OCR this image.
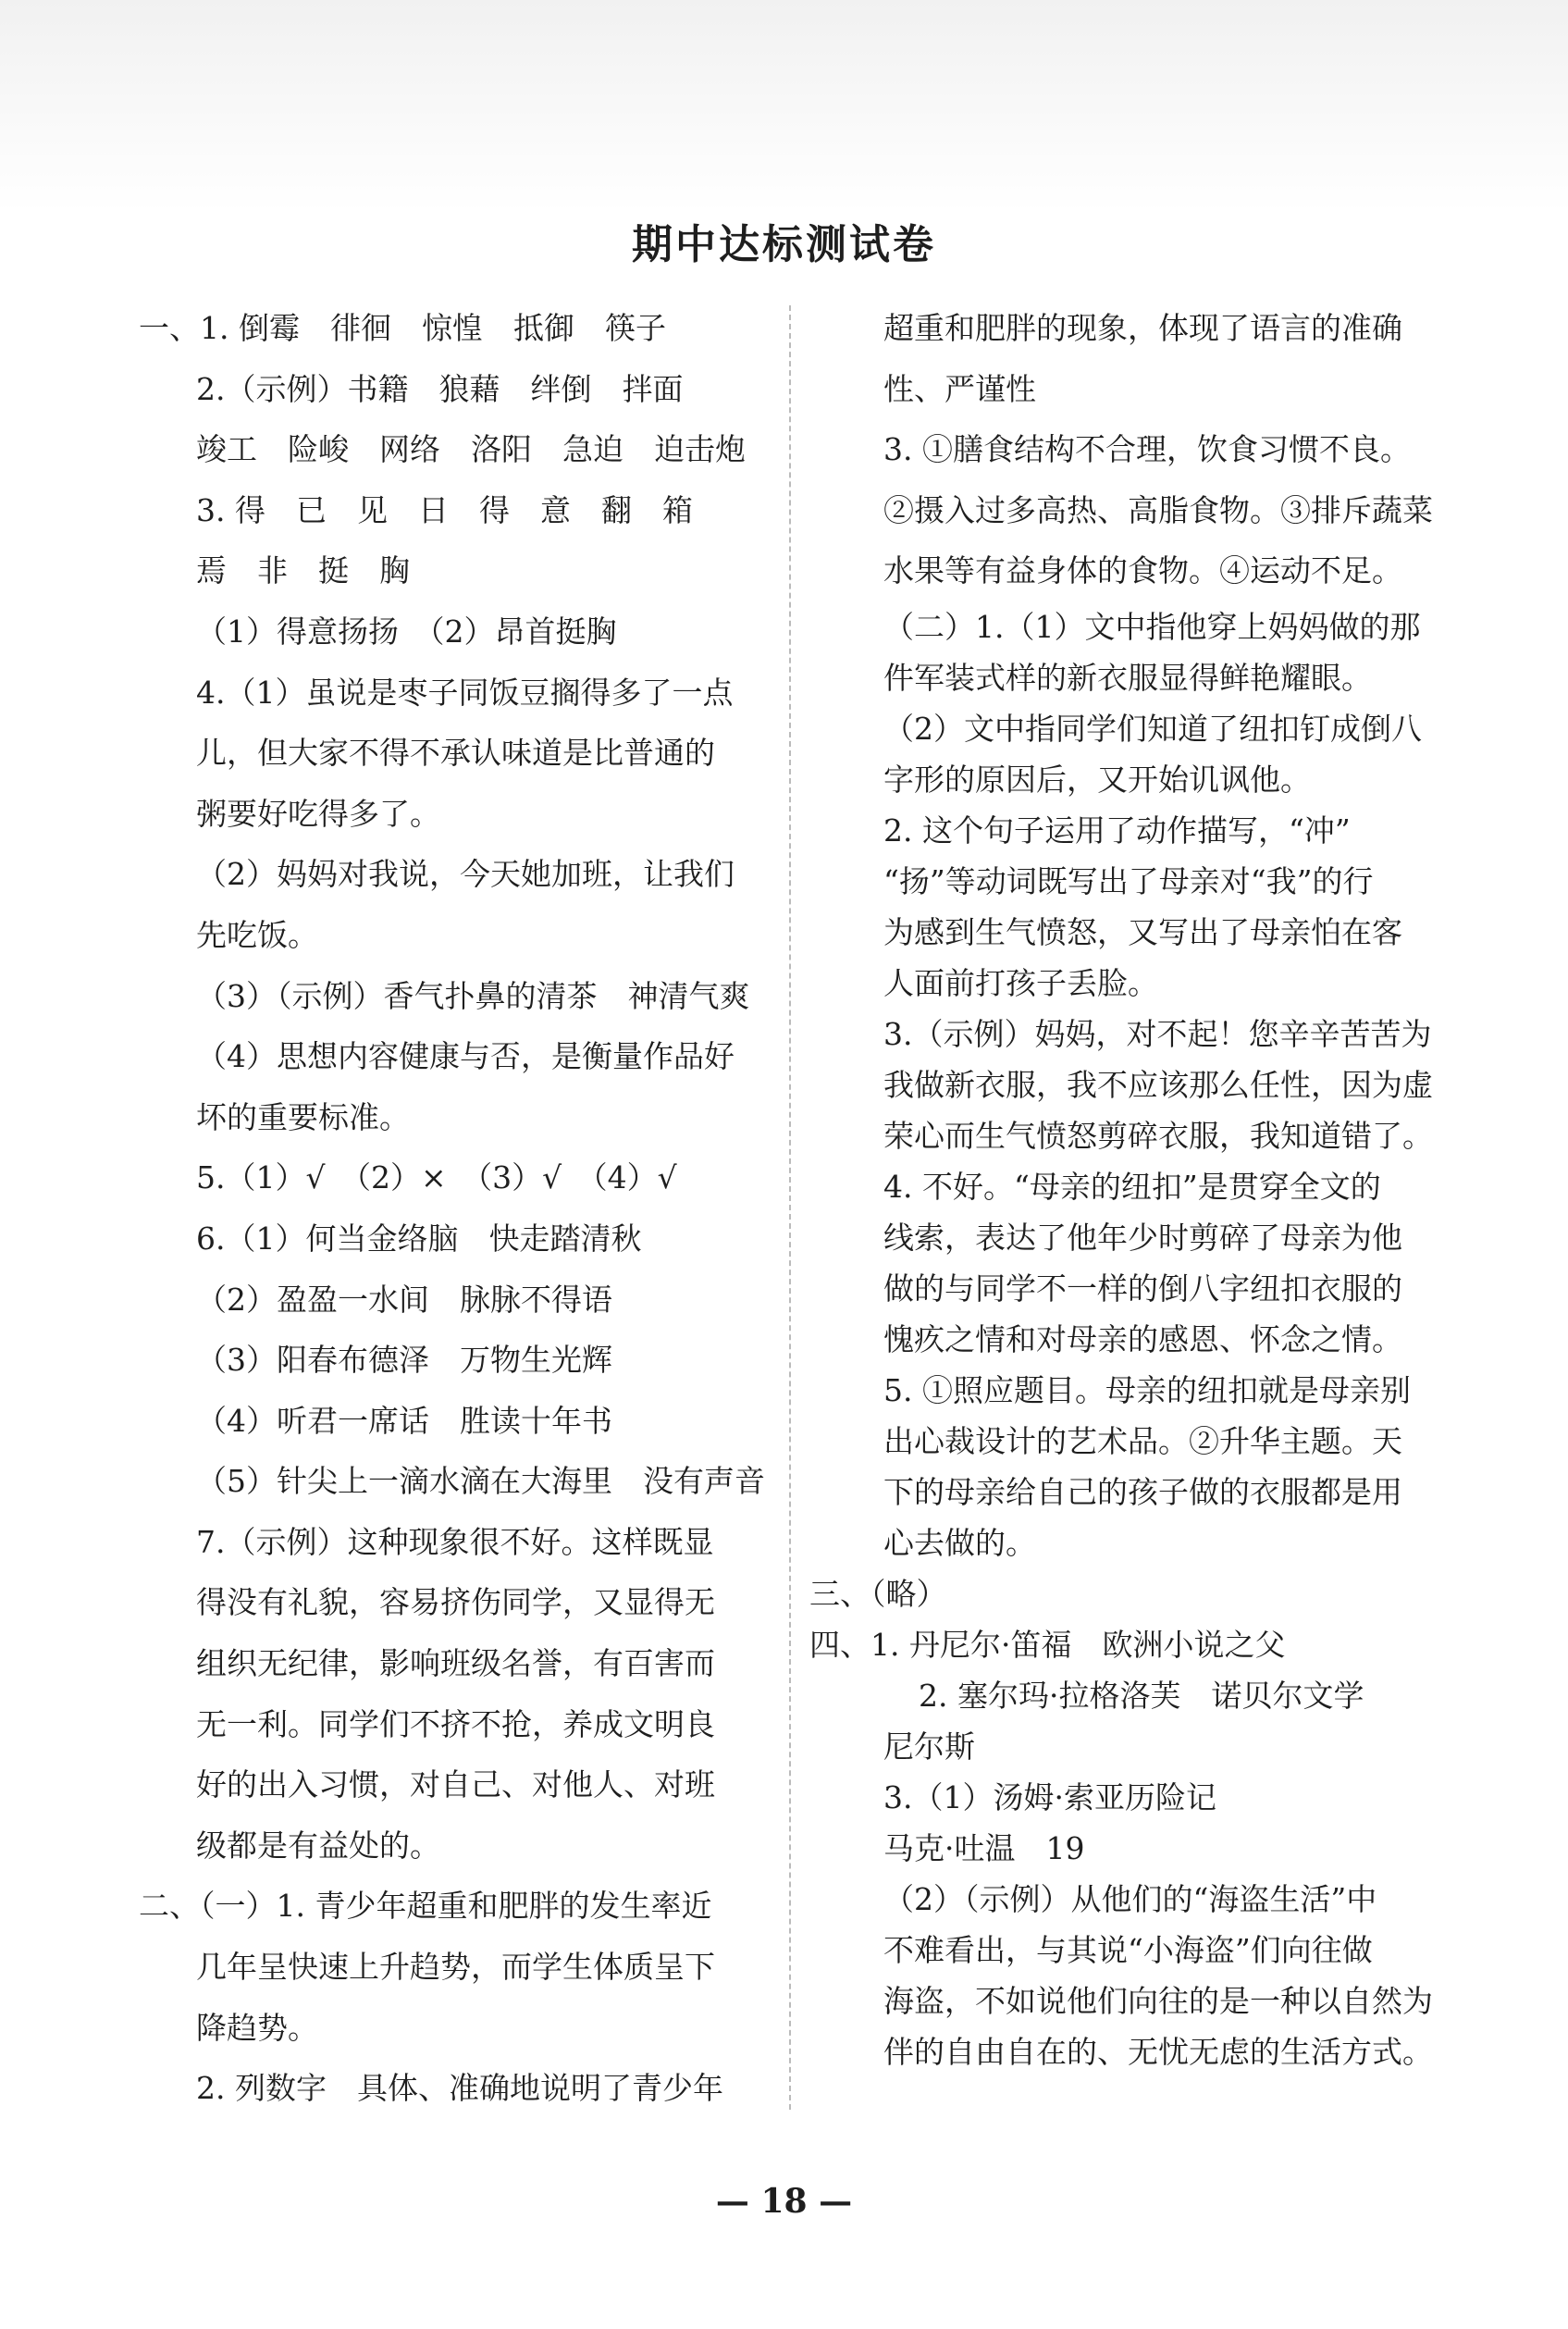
期中达标测试卷
一、1. 倒霉　徘徊　惊惶　抵御　筷子
2.（示例）书籍　狼藉　绊倒　拌面
竣工　险峻　网络　洛阳　急迫　迫击炮
3. 得　已　见　日　得　意　翻　箱
焉　非　挺　胸
（1）得意扬扬　（2）昂首挺胸
4.（1）虽说是枣子同饭豆搁得多了一点
儿，但大家不得不承认味道是比普通的
粥要好吃得多了。
（2）妈妈对我说，今天她加班，让我们
先吃饭。
（3）（示例）香气扑鼻的清茶　神清气爽
（4）思想内容健康与否，是衡量作品好
坏的重要标准。
5.（1）√　（2）×　（3）√　（4）√
6.（1）何当金络脑　快走踏清秋
（2）盈盈一水间　脉脉不得语
（3）阳春布德泽　万物生光辉
（4）听君一席话　胜读十年书
（5）针尖上一滴水滴在大海里　没有声音
7.（示例）这种现象很不好。这样既显
得没有礼貌，容易挤伤同学，又显得无
组织无纪律，影响班级名誉，有百害而
无一利。同学们不挤不抢，养成文明良
好的出入习惯，对自己、对他人、对班
级都是有益处的。
二、（一）1. 青少年超重和肥胖的发生率近
几年呈快速上升趋势，而学生体质呈下
降趋势。
2. 列数字　具体、准确地说明了青少年
超重和肥胖的现象，体现了语言的准确
性、严谨性
3. ①膳食结构不合理，饮食习惯不良。
②摄入过多高热、高脂食物。③排斥蔬菜
水果等有益身体的食物。④运动不足。
（二）1.（1）文中指他穿上妈妈做的那
件军装式样的新衣服显得鲜艳耀眼。
（2）文中指同学们知道了纽扣钉成倒八
字形的原因后，又开始讥讽他。
2. 这个句子运用了动作描写，“冲”
“扬”等动词既写出了母亲对“我”的行
为感到生气愤怒，又写出了母亲怕在客
人面前打孩子丢脸。
3.（示例）妈妈，对不起！您辛辛苦苦为
我做新衣服，我不应该那么任性，因为虚
荣心而生气愤怒剪碎衣服，我知道错了。
4. 不好。“母亲的纽扣”是贯穿全文的
线索，表达了他年少时剪碎了母亲为他
做的与同学不一样的倒八字纽扣衣服的
愧疚之情和对母亲的感恩、怀念之情。
5. ①照应题目。母亲的纽扣就是母亲别
出心裁设计的艺术品。②升华主题。天
下的母亲给自己的孩子做的衣服都是用
心去做的。
三、（略）
四、1. 丹尼尔·笛福　欧洲小说之父
2. 塞尔玛·拉格洛芙　诺贝尔文学
尼尔斯
3.（1）汤姆·索亚历险记
马克·吐温　19
（2）（示例）从他们的“海盗生活”中
不难看出，与其说“小海盗”们向往做
海盗，不如说他们向往的是一种以自然为
伴的自由自在的、无忧无虑的生活方式。
— 18 —
